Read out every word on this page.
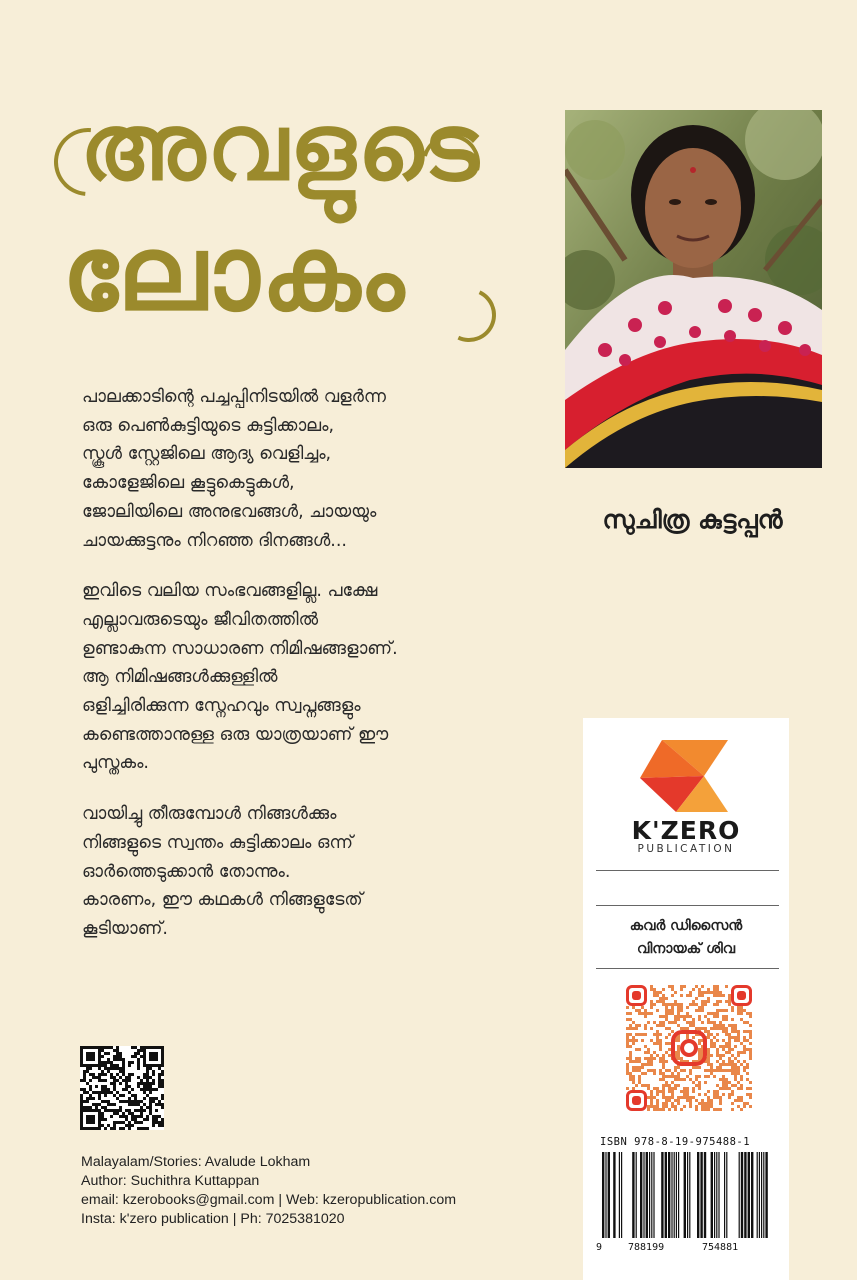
അവളുടെ
ലോകം

പാലക്കാടിന്റെ പച്ചപ്പിനിടയിൽ വളർന്ന
ഒരു പെൺകുട്ടിയുടെ കുട്ടിക്കാലം,
സ്കൂൾ സ്റ്റേജിലെ ആദ്യ വെളിച്ചം,
കോളേജിലെ കൂട്ടുകെട്ടുകൾ,
ജോലിയിലെ അനുഭവങ്ങൾ, ചായയും
ചായക്കുട്ടനും നിറഞ്ഞ ദിനങ്ങൾ...

ഇവിടെ വലിയ സംഭവങ്ങളില്ല. പക്ഷേ
എല്ലാവരുടെയും ജീവിതത്തിൽ
ഉണ്ടാകുന്ന സാധാരണ നിമിഷങ്ങളാണ്.
ആ നിമിഷങ്ങൾക്കുള്ളിൽ
ഒളിച്ചിരിക്കുന്ന സ്നേഹവും സ്വപ്നങ്ങളും
കണ്ടെത്താനുള്ള ഒരു യാത്രയാണ് ഈ
പുസ്തകം.

വായിച്ചു തീരുമ്പോൾ നിങ്ങൾക്കും
നിങ്ങളുടെ സ്വന്തം കുട്ടിക്കാലം ഒന്ന്
ഓർത്തെടുക്കാൻ തോന്നും.
കാരണം, ഈ കഥകൾ നിങ്ങളുടേത്
കൂടിയാണ്.

സുചിത്ര കുട്ടപ്പൻ
K'ZERO
PUBLICATION
കവർ ഡിസൈൻ
വിനായക് ശിവ
ISBN 978-8-19-975488-1
9	788199	754881
Malayalam/Stories: Avalude Lokham
Author: Suchithra Kuttappan
email: kzerobooks@gmail.com | Web: kzeropublication.com
Insta: k'zero publication | Ph: 7025381020
